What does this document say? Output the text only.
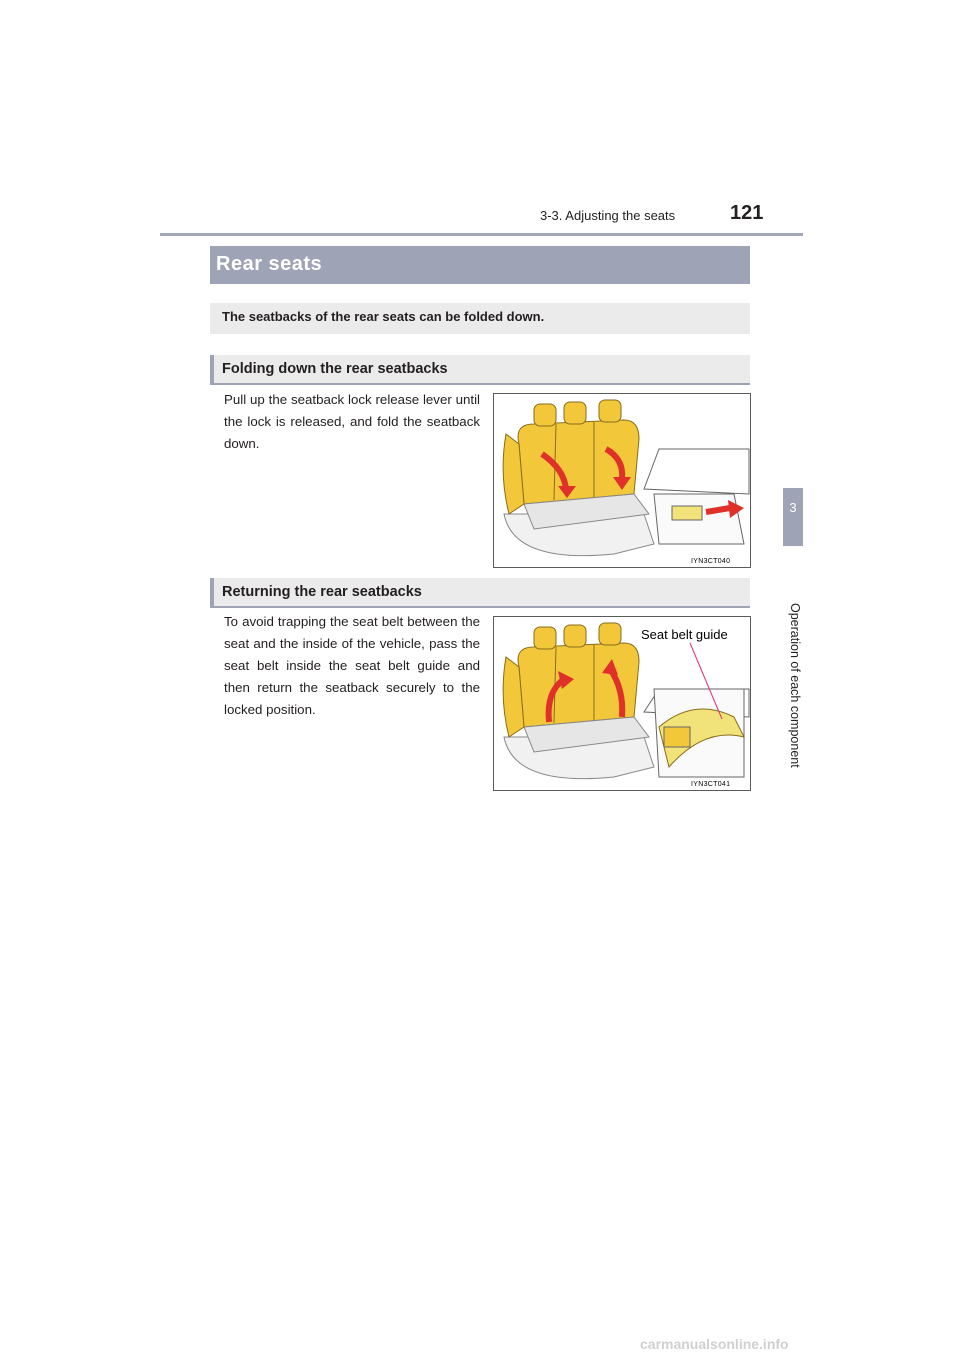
3-3. Adjusting the seats	121
3
Operation of each component
Rear seats
The seatbacks of the rear seats can be folded down.
Folding down the rear seatbacks
Pull up the seatback lock release lever until the lock is released, and fold the seatback down.
IYN3CT040
Returning the rear seatbacks
To avoid trapping the seat belt between the seat and the inside of the vehicle, pass the seat belt inside the seat belt guide and then return the seatback securely to the locked position.
Seat belt guide
IYN3CT041
carmanualsonline.info
